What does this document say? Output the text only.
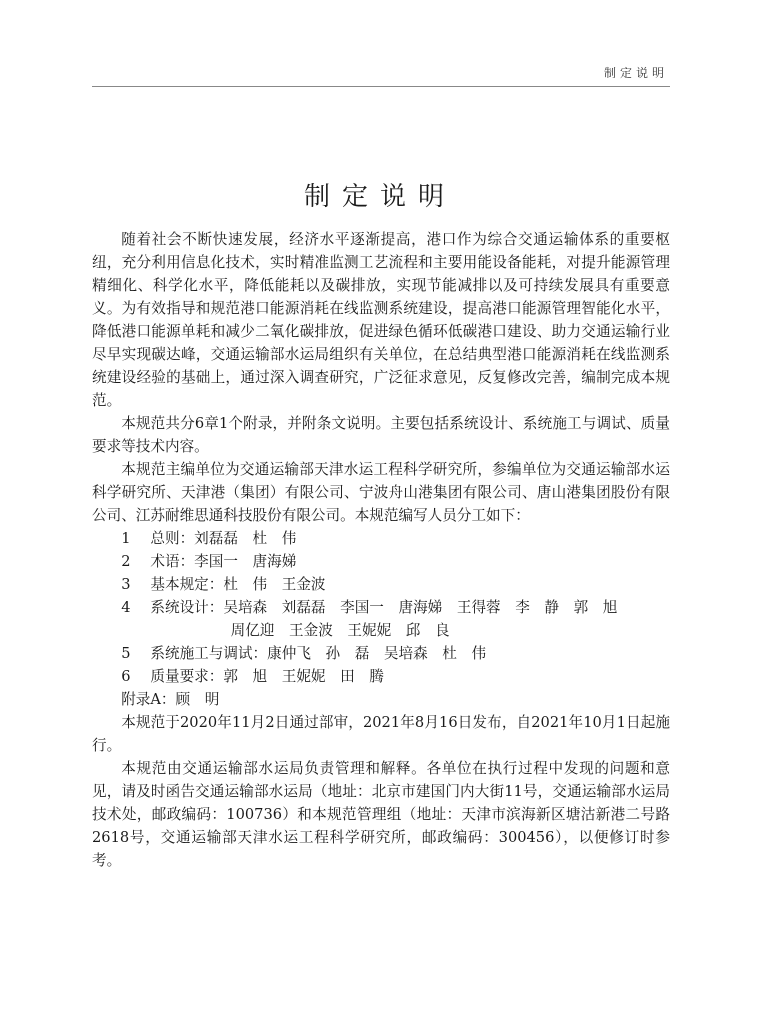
制定说明
制定说明

随着社会不断快速发展，经济水平逐渐提高，港口作为综合交通运输体系的重要枢纽，充分利用信息化技术，实时精准监测工艺流程和主要用能设备能耗，对提升能源管理精细化、科学化水平，降低能耗以及碳排放，实现节能减排以及可持续发展具有重要意义。为有效指导和规范港口能源消耗在线监测系统建设，提高港口能源管理智能化水平，降低港口能源单耗和减少二氧化碳排放，促进绿色循环低碳港口建设、助力交通运输行业尽早实现碳达峰，交通运输部水运局组织有关单位，在总结典型港口能源消耗在线监测系统建设经验的基础上，通过深入调查研究，广泛征求意见，反复修改完善，编制完成本规范。

本规范共分6章1个附录，并附条文说明。主要包括系统设计、系统施工与调试、质量要求等技术内容。

本规范主编单位为交通运输部天津水运工程科学研究所，参编单位为交通运输部水运科学研究所、天津港（集团）有限公司、宁波舟山港集团有限公司、唐山港集团股份有限公司、江苏耐维思通科技股份有限公司。本规范编写人员分工如下：

1	总则：刘磊磊　杜　伟
2	术语：李国一　唐海娣
3	基本规定：杜　伟　王金波
4	系统设计：吴培森　刘磊磊　李国一　唐海娣　王得蓉　李　静　郭　旭
周亿迎　王金波　王妮妮　邱　良
5	系统施工与调试：康仲飞　孙　磊　吴培森　杜　伟
6	质量要求：郭　旭　王妮妮　田　腾

附录A：顾　明

本规范于2020年11月2日通过部审，2021年8月16日发布，自2021年10月1日起施行。

本规范由交通运输部水运局负责管理和解释。各单位在执行过程中发现的问题和意见，请及时函告交通运输部水运局（地址：北京市建国门内大街11号，交通运输部水运局技术处，邮政编码：100736）和本规范管理组（地址：天津市滨海新区塘沽新港二号路2618号，交通运输部天津水运工程科学研究所，邮政编码：300456），以便修订时参考。
